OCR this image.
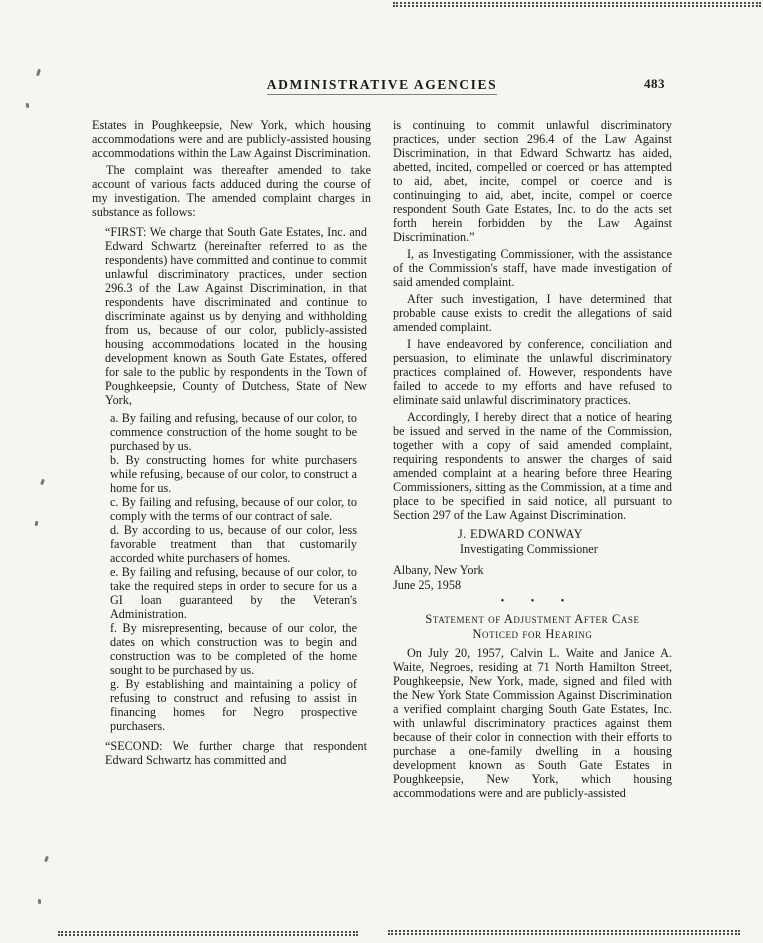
ADMINISTRATIVE AGENCIES	483

Estates in Poughkeepsie, New York, which housing accommodations were and are publicly-assisted housing accommodations within the Law Against Discrimination.

The complaint was thereafter amended to take account of various facts adduced during the course of my investigation. The amended complaint charges in substance as follows:

“FIRST: We charge that South Gate Estates, Inc. and Edward Schwartz (hereinafter referred to as the respondents) have committed and continue to commit unlawful discriminatory practices, under section 296.3 of the Law Against Discrimination, in that respondents have discriminated and continue to discriminate against us by denying and withholding from us, because of our color, publicly-assisted housing accommodations located in the housing development known as South Gate Estates, offered for sale to the public by respondents in the Town of Poughkeepsie, County of Dutchess, State of New York,

a. By failing and refusing, because of our color, to commence construction of the home sought to be purchased by us.

b. By constructing homes for white purchasers while refusing, because of our color, to construct a home for us.

c. By failing and refusing, because of our color, to comply with the terms of our contract of sale.

d. By according to us, because of our color, less favorable treatment than that customarily accorded white purchasers of homes.

e. By failing and refusing, because of our color, to take the required steps in order to secure for us a GI loan guaranteed by the Veteran's Administration.

f. By misrepresenting, because of our color, the dates on which construction was to begin and construction was to be completed of the home sought to be purchased by us.

g. By establishing and maintaining a policy of refusing to construct and refusing to assist in financing homes for Negro prospective purchasers.

“SECOND: We further charge that respondent Edward Schwartz has committed and

is continuing to commit unlawful discriminatory practices, under section 296.4 of the Law Against Discrimination, in that Edward Schwartz has aided, abetted, incited, compelled or coerced or has attempted to aid, abet, incite, compel or coerce and is continuinging to aid, abet, incite, compel or coerce respondent South Gate Estates, Inc. to do the acts set forth herein forbidden by the Law Against Discrimination.”

I, as Investigating Commissioner, with the assistance of the Commission's staff, have made investigation of said amended complaint.

After such investigation, I have determined that probable cause exists to credit the allegations of said amended complaint.

I have endeavored by conference, conciliation and persuasion, to eliminate the unlawful discriminatory practices complained of. However, respondents have failed to accede to my efforts and have refused to eliminate said unlawful discriminatory practices.

Accordingly, I hereby direct that a notice of hearing be issued and served in the name of the Commission, together with a copy of said amended complaint, requiring respondents to answer the charges of said amended complaint at a hearing before three Hearing Commissioners, sitting as the Commission, at a time and place to be specified in said notice, all pursuant to Section 297 of the Law Against Discrimination.

J. EDWARD CONWAY
Investigating Commissioner
Albany, New York
June 25, 1958
• • •
Statement of Adjustment After Case
Noticed for Hearing

On July 20, 1957, Calvin L. Waite and Janice A. Waite, Negroes, residing at 71 North Hamilton Street, Poughkeepsie, New York, made, signed and filed with the New York State Commission Against Discrimination a verified complaint charging South Gate Estates, Inc. with unlawful discriminatory practices against them because of their color in connection with their efforts to purchase a one-family dwelling in a housing development known as South Gate Estates in Poughkeepsie, New York, which housing accommodations were and are publicly-assisted
